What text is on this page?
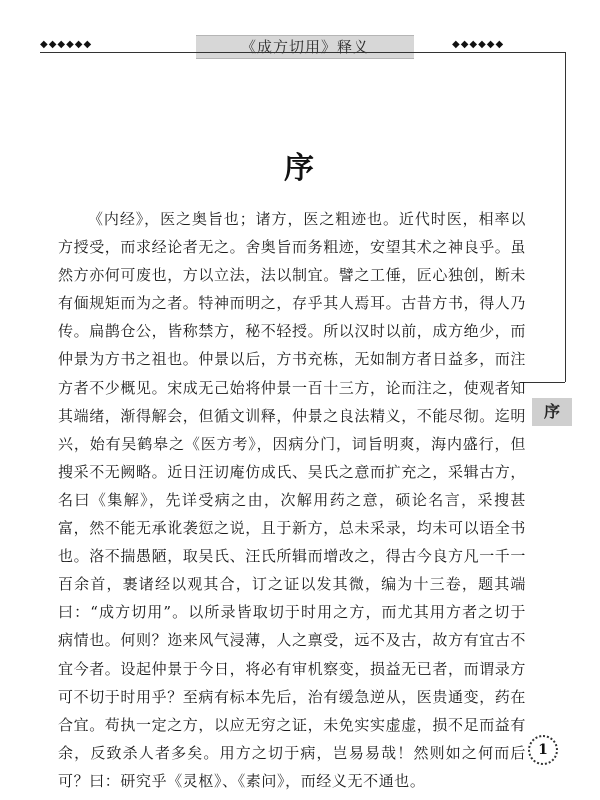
◆◆◆◆◆◆	《成方切用》释义	◆◆◆◆◆◆
序
序

《内经》，医之奥旨也；诸方，医之粗迹也。近代时医，相率以方授受，而求经论者无之。舍奥旨而务粗迹，安望其术之神良乎。虽然方亦何可废也，方以立法，法以制宜。譬之工倕，匠心独创，断未有偭规矩而为之者。特神而明之，存乎其人焉耳。古昔方书，得人乃传。扁鹊仓公，皆称禁方，秘不轻授。所以汉时以前，成方绝少，而仲景为方书之祖也。仲景以后，方书充栋，无如制方者日益多，而注方者不少概见。宋成无己始将仲景一百十三方，论而注之，使观者知其端绪，渐得解会，但循文训释，仲景之良法精义，不能尽彻。迄明兴，始有吴鹤皋之《医方考》，因病分门，词旨明爽，海内盛行，但搜采不无阙略。近日汪讱庵仿成氏、吴氏之意而扩充之，采辑古方，名曰《集解》，先详受病之由，次解用药之意，硕论名言，采搜甚富，然不能无承讹袭愆之说，且于新方，总未采录，均未可以语全书也。洛不揣愚陋，取吴氏、汪氏所辑而增改之，得古今良方凡一千一百余首，裹诸经以观其合，订之证以发其微，编为十三卷，题其端曰：“成方切用”。以所录皆取切于时用之方，而尤其用方者之切于病情也。何则？迩来风气浸薄，人之禀受，远不及古，故方有宜古不宜今者。设起仲景于今日，将必有审机察变，损益无已者，而谓录方可不切于时用乎？至病有标本先后，治有缓急逆从，医贵通变，药在合宜。苟执一定之方，以应无穷之证，未免实实虚虚，损不足而益有余，反致杀人者多矣。用方之切于病，岂易易哉！然则如之何而后可？曰：研究乎《灵枢》、《素问》，而经义无不通也。

1
